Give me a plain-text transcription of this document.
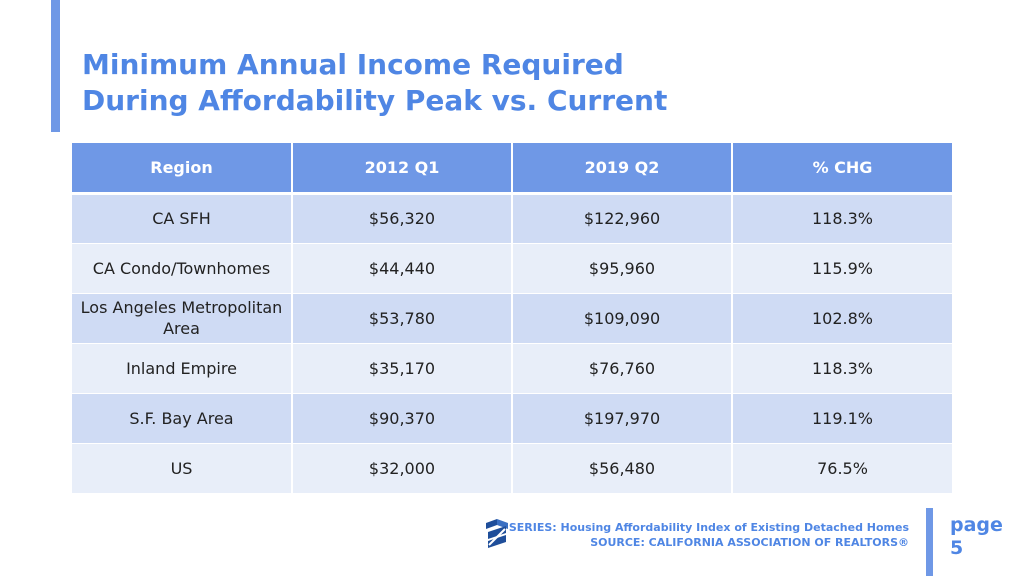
Minimum Annual Income Required
During Affordability Peak vs. Current
Region	2012 Q1	2019 Q2	% CHG
CA SFH	$56,320	$122,960	118.3%
CA Condo/Townhomes	$44,440	$95,960	115.9%
Los Angeles Metropolitan Area	$53,780	$109,090	102.8%
Inland Empire	$35,170	$76,760	118.3%
S.F. Bay Area	$90,370	$197,970	119.1%
US	$32,000	$56,480	76.5%
SERIES: Housing Affordability Index of Existing Detached Homes
SOURCE: CALIFORNIA ASSOCIATION OF REALTORS®
page
5
